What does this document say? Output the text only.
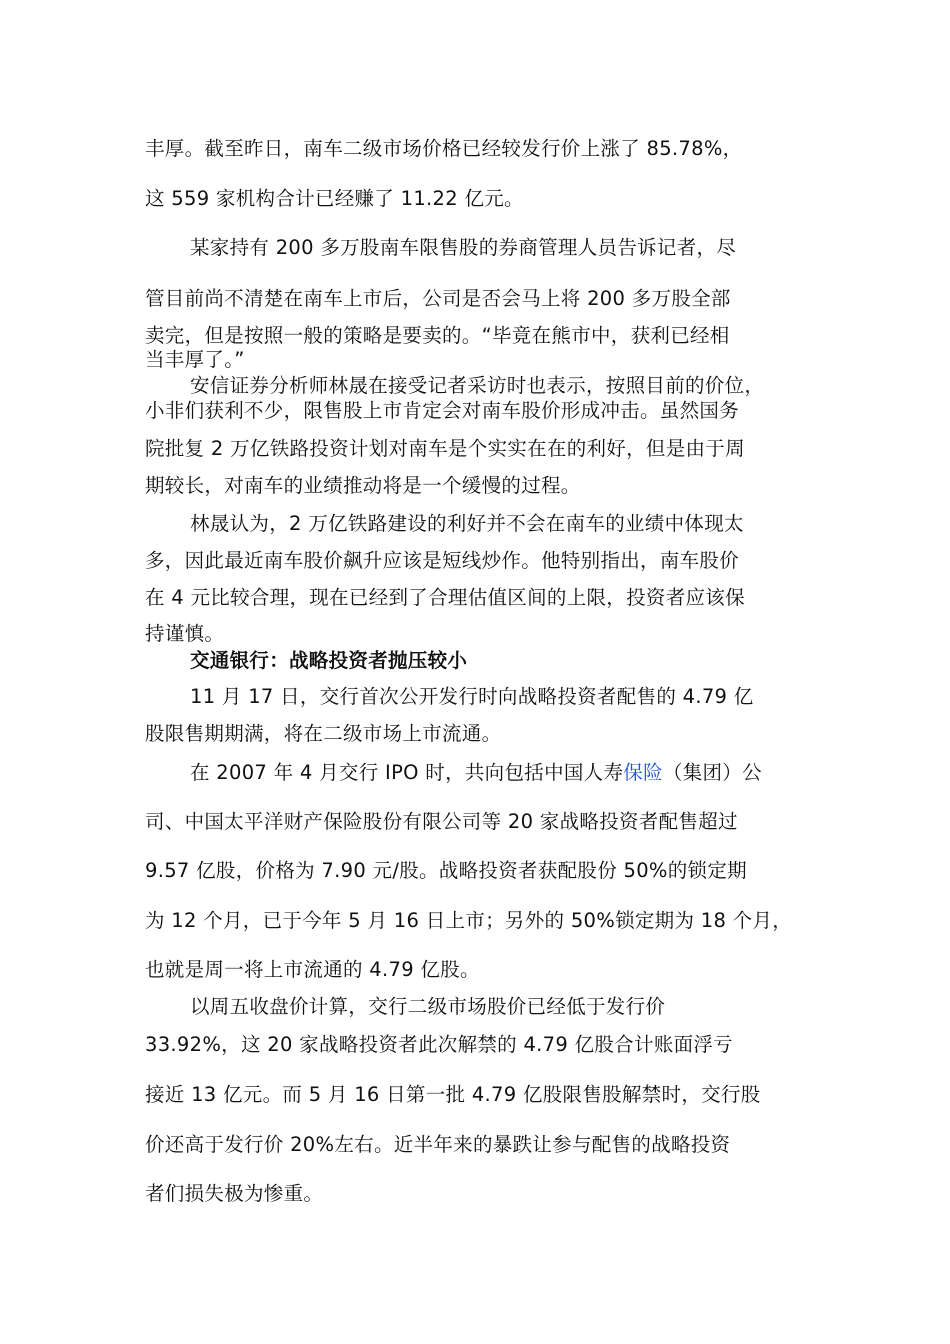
丰厚。截至昨日，南车二级市场价格已经较发行价上涨了 85.78%，
这 559 家机构合计已经赚了 11.22 亿元。
某家持有 200 多万股南车限售股的券商管理人员告诉记者，尽
管目前尚不清楚在南车上市后，公司是否会马上将 200 多万股全部
卖完，但是按照一般的策略是要卖的。“毕竟在熊市中，获利已经相
当丰厚了。”
安信证券分析师林晟在接受记者采访时也表示，按照目前的价位，
小非们获利不少，限售股上市肯定会对南车股价形成冲击。虽然国务
院批复 2 万亿铁路投资计划对南车是个实实在在的利好，但是由于周
期较长，对南车的业绩推动将是一个缓慢的过程。
林晟认为，2 万亿铁路建设的利好并不会在南车的业绩中体现太
多，因此最近南车股价飙升应该是短线炒作。他特别指出，南车股价
在 4 元比较合理，现在已经到了合理估值区间的上限，投资者应该保
持谨慎。
交通银行：战略投资者抛压较小
11 月 17 日，交行首次公开发行时向战略投资者配售的 4.79 亿
股限售期期满，将在二级市场上市流通。
在 2007 年 4 月交行 IPO 时，共向包括中国人寿保险（集团）公
司、中国太平洋财产保险股份有限公司等 20 家战略投资者配售超过
9.57 亿股，价格为 7.90 元/股。战略投资者获配股份 50%的锁定期
为 12 个月，已于今年 5 月 16 日上市；另外的 50%锁定期为 18 个月，
也就是周一将上市流通的 4.79 亿股。
以周五收盘价计算，交行二级市场股价已经低于发行价
33.92%，这 20 家战略投资者此次解禁的 4.79 亿股合计账面浮亏
接近 13 亿元。而 5 月 16 日第一批 4.79 亿股限售股解禁时，交行股
价还高于发行价 20%左右。近半年来的暴跌让参与配售的战略投资
者们损失极为惨重。
